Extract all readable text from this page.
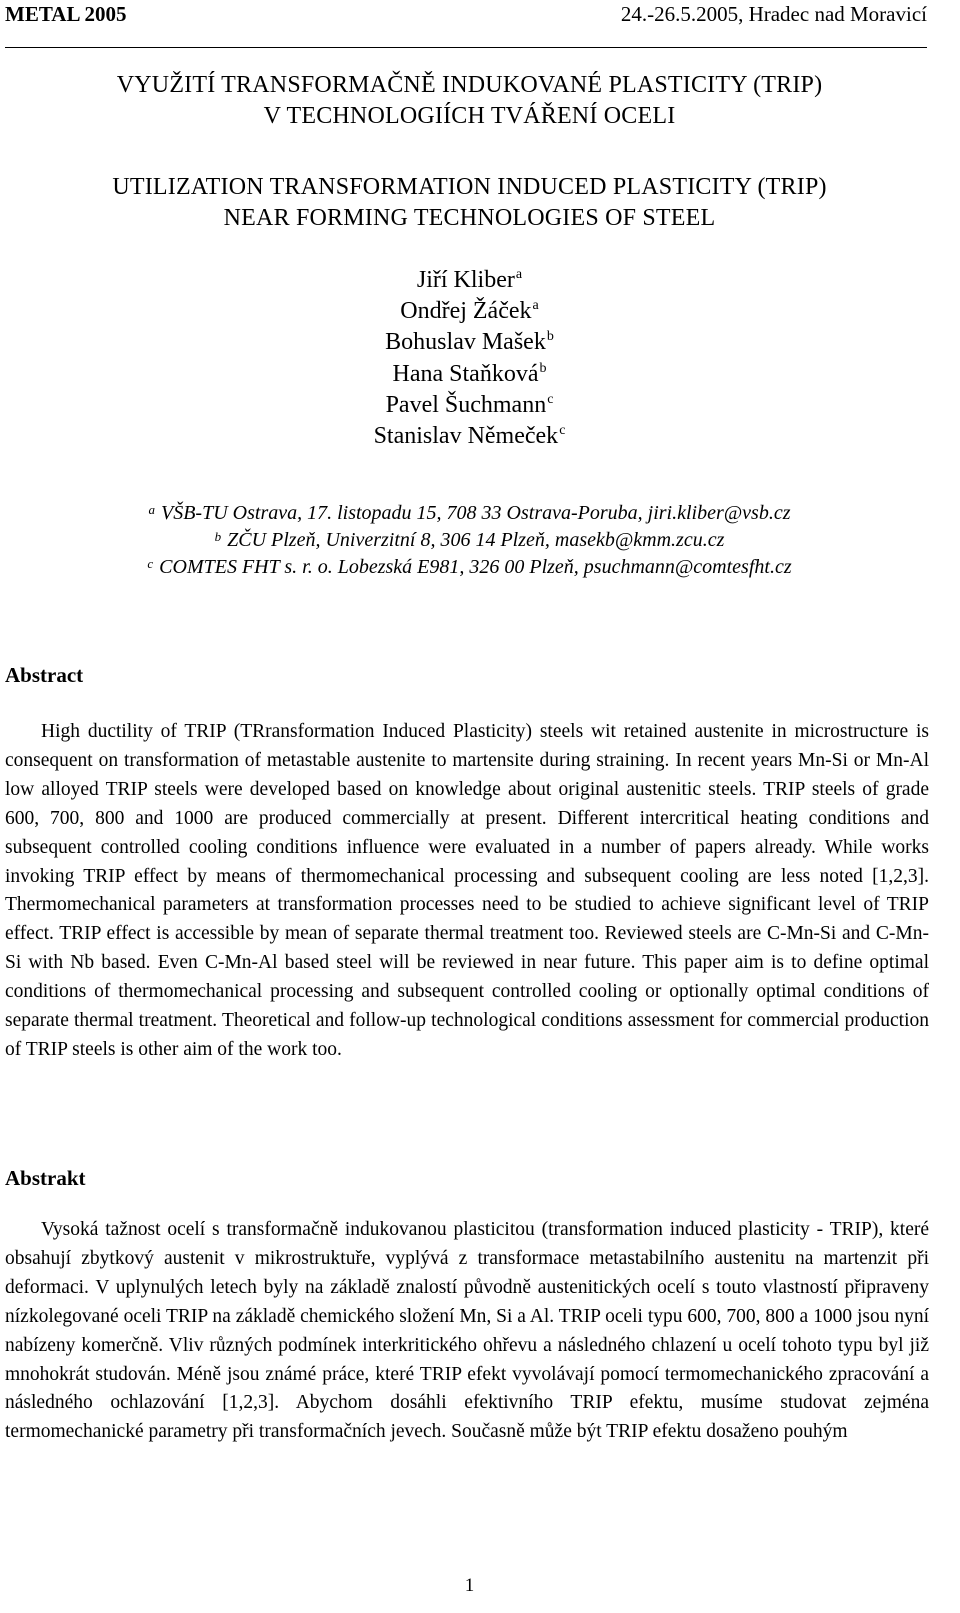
METAL 2005	24.-26.5.2005, Hradec nad Moravicí
VYUŽITÍ TRANSFORMAČNĚ INDUKOVANÉ PLASTICITY (TRIP)
V TECHNOLOGIÍCH TVÁŘENÍ OCELI
UTILIZATION TRANSFORMATION INDUCED PLASTICITY (TRIP)
NEAR FORMING TECHNOLOGIES OF STEEL
Jiří Kliber$^a$
Ondřej Žáček$^a$
Bohuslav Mašek$^b$
Hana Staňková$^b$
Pavel Šuchmann$^c$
Stanislav Němeček$^c$
$^a$ VŠB-TU Ostrava, 17. listopadu 15, 708 33 Ostrava-Poruba, jiri.kliber@vsb.cz
$^b$ ZČU Plzeň, Univerzitní 8, 306 14 Plzeň, masekb@kmm.zcu.cz
$^c$ COMTES FHT s. r. o. Lobezská E981, 326 00 Plzeň, psuchmann@comtesfht.cz
Abstract

High ductility of TRIP (TRransformation Induced Plasticity) steels wit retained austenite in microstructure is consequent on transformation of metastable austenite to martensite during straining. In recent years Mn-Si or Mn-Al low alloyed TRIP steels were developed based on knowledge about original austenitic steels. TRIP steels of grade 600, 700, 800 and 1000 are produced commercially at present. Different intercritical heating conditions and subsequent controlled cooling conditions influence were evaluated in a number of papers already. While works invoking TRIP effect by means of thermomechanical processing and subsequent cooling are less noted [1,2,3]. Thermomechanical parameters at transformation processes need to be studied to achieve significant level of TRIP effect. TRIP effect is accessible by mean of separate thermal treatment too. Reviewed steels are C-Mn-Si and C-Mn-Si with Nb based. Even C-Mn-Al based steel will be reviewed in near future. This paper aim is to define optimal conditions of thermomechanical processing and subsequent controlled cooling or optionally optimal conditions of separate thermal treatment. Theoretical and follow-up technological conditions assessment for commercial production of TRIP steels is other aim of the work too.

Abstrakt

Vysoká tažnost ocelí s transformačně indukovanou plasticitou (transformation induced plasticity - TRIP), které obsahují zbytkový austenit v mikrostruktuře, vyplývá z transformace metastabilního austenitu na martenzit při deformaci. V uplynulých letech byly na základě znalostí původně austenitických ocelí s touto vlastností připraveny nízkolegované oceli TRIP na základě chemického složení Mn, Si a Al. TRIP oceli typu 600, 700, 800 a 1000 jsou nyní nabízeny komerčně. Vliv různých podmínek interkritického ohřevu a následného chlazení u ocelí tohoto typu byl již mnohokrát studován. Méně jsou známé práce, které TRIP efekt vyvolávají pomocí termomechanického zpracování a následného ochlazování [1,2,3]. Abychom dosáhli efektivního TRIP efektu, musíme studovat zejména termomechanické parametry při transformačních jevech. Současně může být TRIP efektu dosaženo pouhým

1
